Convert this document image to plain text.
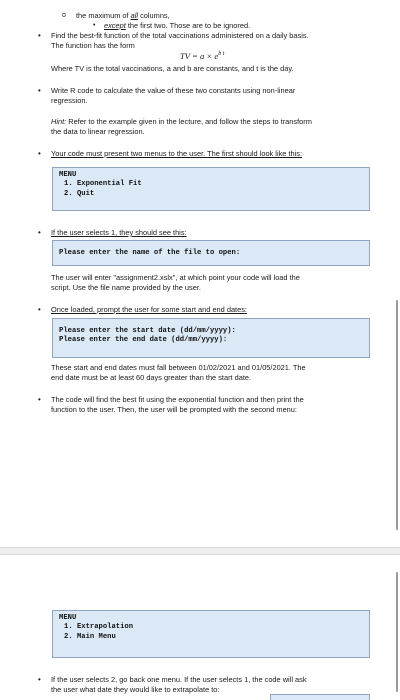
o the maximum of all columns,
• except the first two. Those are to be ignored.
• Find the best-fit function of the total vaccinations administered on a daily basis.
The function has the form
TV = $a \times e^{b t}$
Where TV is the total vaccinations, a and b are constants, and t is the day.
• Write R code to calculate the value of these two constants using non-linear
regression.
Hint: Refer to the example given in the lecture, and follow the steps to transform
the data to linear regression.
• Your code must present two menus to the user. The first should look like this:
MENU
1. Exponential Fit
2. Quit
• If the user selects 1, they should see this:
Please enter the name of the file to open:
The user will enter "assignment2.xslx", at which point your code will load the
script. Use the file name provided by the user.
• Once loaded, prompt the user for some start and end dates:
Please enter the start date (dd/mm/yyyy):
Please enter the end date (dd/mm/yyyy):
These start and end dates must fall between 01/02/2021 and 01/05/2021. The
end date must be at least 60 days greater than the start date.
• The code will find the best fit using the exponential function and then print the
function to the user. Then, the user will be prompted with the second menu:
MENU
1. Extrapolation
2. Main Menu
• If the user selects 2, go back one menu. If the user selects 1, the code will ask
the user what date they would like to extrapolate to:
